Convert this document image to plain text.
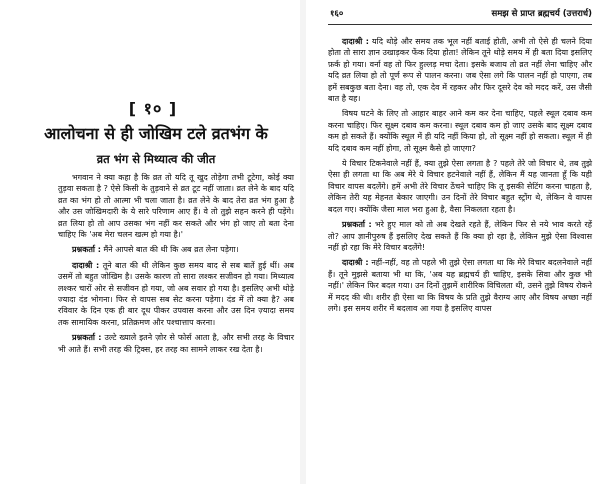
[ १० ]
आलोचना से ही जोखिम टले व्रतभंग के
व्रत भंग से मिथ्यात्व की जीत

भगवान ने क्या कहा है कि व्रत तो यदि तू खुद तोड़ेगा तभी टूटेगा, कोई क्या तुड़वा सकता है ? ऐसे किसी के तुड़वाने से व्रत टूट नहीं जाता। व्रत लेने के बाद यदि व्रत का भंग हो तो आत्मा भी चला जाता है। व्रत लेने के बाद तेरा व्रत भंग हुआ है और उस जोखिमदारी के ये सारे परिणाम आए हैं। वे तो तुझे सहन करने ही पड़ेंगे। व्रत लिया हो तो आप उसका भंग नहीं कर सकते और भंग हो जाए तो बता देना चाहिए कि 'अब मेरा चलन खत्म हो गया है।'

प्रश्नकर्ता : मैंने आपसे बात की थी कि अब व्रत लेना पड़ेगा।

दादाश्री : तूने बात की थी लेकिन कुछ समय बाद से सब बातें हुई थीं। अब उसमें तो बहुत जोखिम है। उसके कारण तो सारा लश्कर सजीवन हो गया। मिथ्यात्व लश्कर चारों ओर से सजीवन हो गया, जो अब सवार हो गया है। इसलिए अभी थोड़े ज्यादा दंड भोगना। फिर से वापस सब सेट करना पड़ेगा। दंड में तो क्या है? अब रविवार के दिन एक ही बार दूध पीकर उपवास करना और उस दिन ज़्यादा समय तक सामायिक करना, प्रतिक्रमण और पश्चात्ताप करना।

प्रश्नकर्ता : उल्टे ख्याले इतने ज़ोर से फोर्स आता है, और सभी तरह के विचार भी आते हैं। सभी तरह की ट्रिक्स, हर तरह का सामने लाकर रख देता है।

१६०	समझ से प्राप्त ब्रह्मचर्य (उत्तरार्ध)

दादाश्री : यदि थोड़े और समय तक भूल नहीं बताई होती, अभी तो ऐसे ही चलने दिया होता तो सारा ज्ञान उखाड़कर फेंक दिया होता! लेकिन तूने थोड़े समय में ही बता दिया इसलिए फ़र्क हो गया। वर्ना वह तो फिर हुल्लड़ मचा देता। इसके बजाय तो व्रत नहीं लेना चाहिए और यदि व्रत लिया हो तो पूर्ण रूप से पालन करना। जब ऐसा लगे कि पालन नहीं हो पाएगा, तब हमें सबकुछ बता देना। वह तो, एक देव में रहकर और फिर दूसरे देव को मदद करें, उस जैसी बात है यह।

विषय घटने के लिए तो आहार बाहर आने कम कर देना चाहिए, पहले स्थूल दबाव कम करना चाहिए। फिर सूक्ष्म दबाव कम करना। स्थूल दबाव कम हो जाए उसके बाद सूक्ष्म दबाव कम हो सकते हैं। क्योंकि स्थूल में ही यदि नहीं किया हो, तो सूक्ष्म नहीं हो सकता। स्थूल में ही यदि दबाव कम नहीं होगा, तो सूक्ष्म कैसे हो जाएगा?

ये विचार टिकनेवाले नहीं हैं, क्या तुझे ऐसा लगता है ? पहले तेरे जो विचार थे, तब तुझे ऐसा ही लगता था कि अब मेरे ये विचार हटनेवाले नहीं हैं, लेकिन मैं यह जानता हूँ कि यही विचार वापस बदलेंगे। हमें अभी तेरे विचार ठेंचने चाहिए कि तू इसकी सेटिंग करना चाहता है, लेकिन तेरी यह मेहनत बेकार जाएगी। उन दिनों तेरे विचार बहुत स्ट्रोंग थे, लेकिन वे वापस बदल गए। क्योंकि जैसा माल भरा हुआ है, वैसा निकलता रहता है।

प्रश्नकर्ता : भरे हुए माल को तो अब देखते रहते हैं, लेकिन फिर से नये भाव करते रहें तो? आप ज्ञानीपुरुष हैं इसलिए देख सकते हैं कि क्या हो रहा है, लेकिन मुझे ऐसा विश्वास नहीं हो रहा कि मेरे विचार बदलेंगे!

दादाश्री : नहीं-नहीं, वह तो पहले भी तुझे ऐसा लगता था कि मेरे विचार बदलनेवाले नहीं हैं। तूने मुझसे बताया भी था कि, 'अब यह ब्रह्मचर्य ही चाहिए, इसके सिवा और कुछ भी नहीं।' लेकिन फिर बदल गया। उन दिनों तुझमें शारीरिक विचिलता थी, उसने तुझे विषय रोकने में मदद की थी। शरीर ही ऐसा था कि विषय के प्रति तुझे वैराग्य आए और विषय अच्छा नहीं लगे। इस समय शरीर में बदलाव आ गया है इसलिए वापस
